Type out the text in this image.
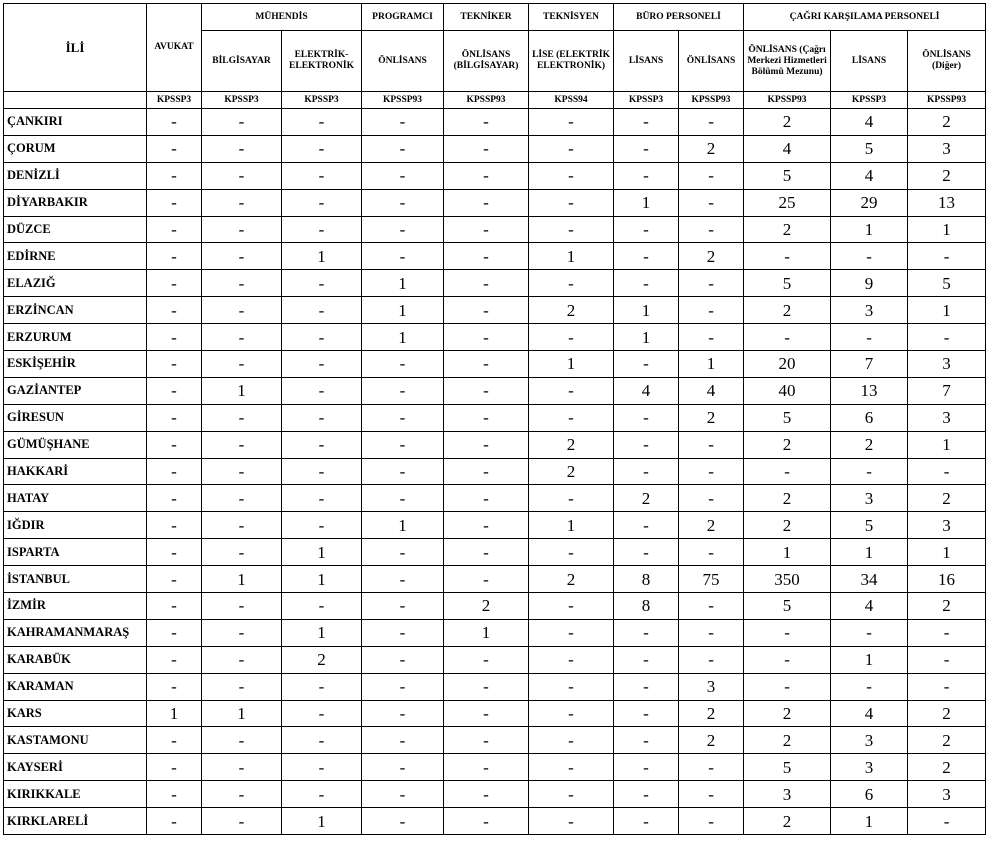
İLİ	AVUKAT	MÜHENDİS		PROGRAMCI	TEKNİKER	TEKNİSYEN	BÜRO PERSONELİ		ÇAĞRI KARŞILAMA PERSONELİ		
		BİLGİSAYAR	ELEKTRİK-ELEKTRONİK	ÖNLİSANS	ÖNLİSANS (BİLGİSAYAR)	LİSE (ELEKTRİK ELEKTRONİK)	LİSANS	ÖNLİSANS	ÖNLİSANS (Çağrı Merkezi Hizmetleri Bölümü Mezunu)	LİSANS	ÖNLİSANS (Diğer)
	KPSSP3	KPSSP3	KPSSP3	KPSSP93	KPSSP93	KPSS94	KPSSP3	KPSSP93	KPSSP93	KPSSP3	KPSSP93
ÇANKIRI	-	-	-	-	-	-	-	-	2	4	2
ÇORUM	-	-	-	-	-	-	-	2	4	5	3
DENİZLİ	-	-	-	-	-	-	-	-	5	4	2
DİYARBAKIR	-	-	-	-	-	-	1	-	25	29	13
DÜZCE	-	-	-	-	-	-	-	-	2	1	1
EDİRNE	-	-	1	-	-	1	-	2	-	-	-
ELAZIĞ	-	-	-	1	-	-	-	-	5	9	5
ERZİNCAN	-	-	-	1	-	2	1	-	2	3	1
ERZURUM	-	-	-	1	-	-	1	-	-	-	-
ESKİŞEHİR	-	-	-	-	-	1	-	1	20	7	3
GAZİANTEP	-	1	-	-	-	-	4	4	40	13	7
GİRESUN	-	-	-	-	-	-	-	2	5	6	3
GÜMÜŞHANE	-	-	-	-	-	2	-	-	2	2	1
HAKKARİ	-	-	-	-	-	2	-	-	-	-	-
HATAY	-	-	-	-	-	-	2	-	2	3	2
IĞDIR	-	-	-	1	-	1	-	2	2	5	3
ISPARTA	-	-	1	-	-	-	-	-	1	1	1
İSTANBUL	-	1	1	-	-	2	8	75	350	34	16
İZMİR	-	-	-	-	2	-	8	-	5	4	2
KAHRAMANMARAŞ	-	-	1	-	1	-	-	-	-	-	-
KARABÜK	-	-	2	-	-	-	-	-	-	1	-
KARAMAN	-	-	-	-	-	-	-	3	-	-	-
KARS	1	1	-	-	-	-	-	2	2	4	2
KASTAMONU	-	-	-	-	-	-	-	2	2	3	2
KAYSERİ	-	-	-	-	-	-	-	-	5	3	2
KIRIKKALE	-	-	-	-	-	-	-	-	3	6	3
KIRKLARELİ	-	-	1	-	-	-	-	-	2	1	-
